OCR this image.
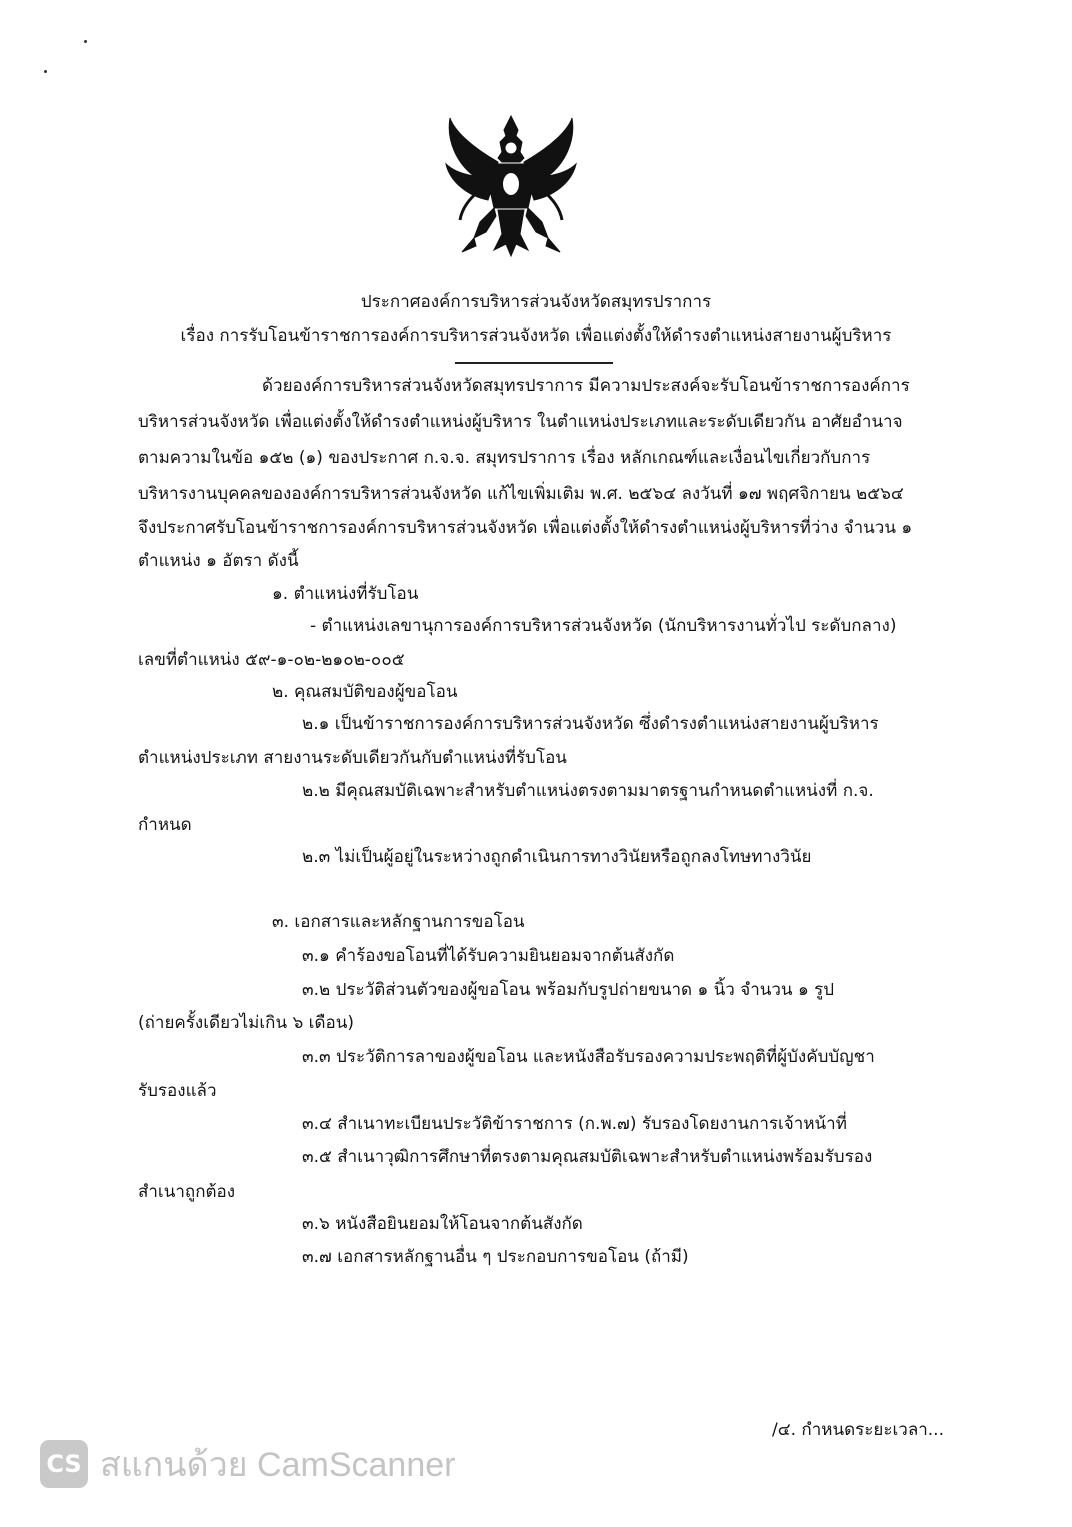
ประกาศองค์การบริหารส่วนจังหวัดสมุทรปราการ
เรื่อง การรับโอนข้าราชการองค์การบริหารส่วนจังหวัด เพื่อแต่งตั้งให้ดำรงตำแหน่งสายงานผู้บริหาร
ด้วยองค์การบริหารส่วนจังหวัดสมุทรปราการ มีความประสงค์จะรับโอนข้าราชการองค์การ
บริหารส่วนจังหวัด เพื่อแต่งตั้งให้ดำรงตำแหน่งผู้บริหาร ในตำแหน่งประเภทและระดับเดียวกัน อาศัยอำนาจ
ตามความในข้อ ๑๕๒ (๑) ของประกาศ ก.จ.จ. สมุทรปราการ เรื่อง หลักเกณฑ์และเงื่อนไขเกี่ยวกับการ
บริหารงานบุคคลขององค์การบริหารส่วนจังหวัด แก้ไขเพิ่มเติม พ.ศ. ๒๕๖๔ ลงวันที่ ๑๗ พฤศจิกายน ๒๕๖๔
จึงประกาศรับโอนข้าราชการองค์การบริหารส่วนจังหวัด เพื่อแต่งตั้งให้ดำรงตำแหน่งผู้บริหารที่ว่าง จำนวน ๑
ตำแหน่ง ๑ อัตรา ดังนี้
๑. ตำแหน่งที่รับโอน
- ตำแหน่งเลขานุการองค์การบริหารส่วนจังหวัด (นักบริหารงานทั่วไป ระดับกลาง)
เลขที่ตำแหน่ง ๕๙-๑-๐๒-๒๑๐๒-๐๐๕
๒. คุณสมบัติของผู้ขอโอน
๒.๑ เป็นข้าราชการองค์การบริหารส่วนจังหวัด ซึ่งดำรงตำแหน่งสายงานผู้บริหาร
ตำแหน่งประเภท สายงานระดับเดียวกันกับตำแหน่งที่รับโอน
๒.๒ มีคุณสมบัติเฉพาะสำหรับตำแหน่งตรงตามมาตรฐานกำหนดตำแหน่งที่ ก.จ.
กำหนด
๒.๓ ไม่เป็นผู้อยู่ในระหว่างถูกดำเนินการทางวินัยหรือถูกลงโทษทางวินัย
๓. เอกสารและหลักฐานการขอโอน
๓.๑ คำร้องขอโอนที่ได้รับความยินยอมจากต้นสังกัด
๓.๒ ประวัติส่วนตัวของผู้ขอโอน พร้อมกับรูปถ่ายขนาด ๑ นิ้ว จำนวน ๑ รูป
(ถ่ายครั้งเดียวไม่เกิน ๖ เดือน)
๓.๓ ประวัติการลาของผู้ขอโอน และหนังสือรับรองความประพฤติที่ผู้บังคับบัญชา
รับรองแล้ว
๓.๔ สำเนาทะเบียนประวัติข้าราชการ (ก.พ.๗) รับรองโดยงานการเจ้าหน้าที่
๓.๕ สำเนาวุฒิการศึกษาที่ตรงตามคุณสมบัติเฉพาะสำหรับตำแหน่งพร้อมรับรอง
สำเนาถูกต้อง
๓.๖ หนังสือยินยอมให้โอนจากต้นสังกัด
๓.๗ เอกสารหลักฐานอื่น ๆ ประกอบการขอโอน (ถ้ามี)
/๔. กำหนดระยะเวลา...
CS สแกนด้วย CamScanner
